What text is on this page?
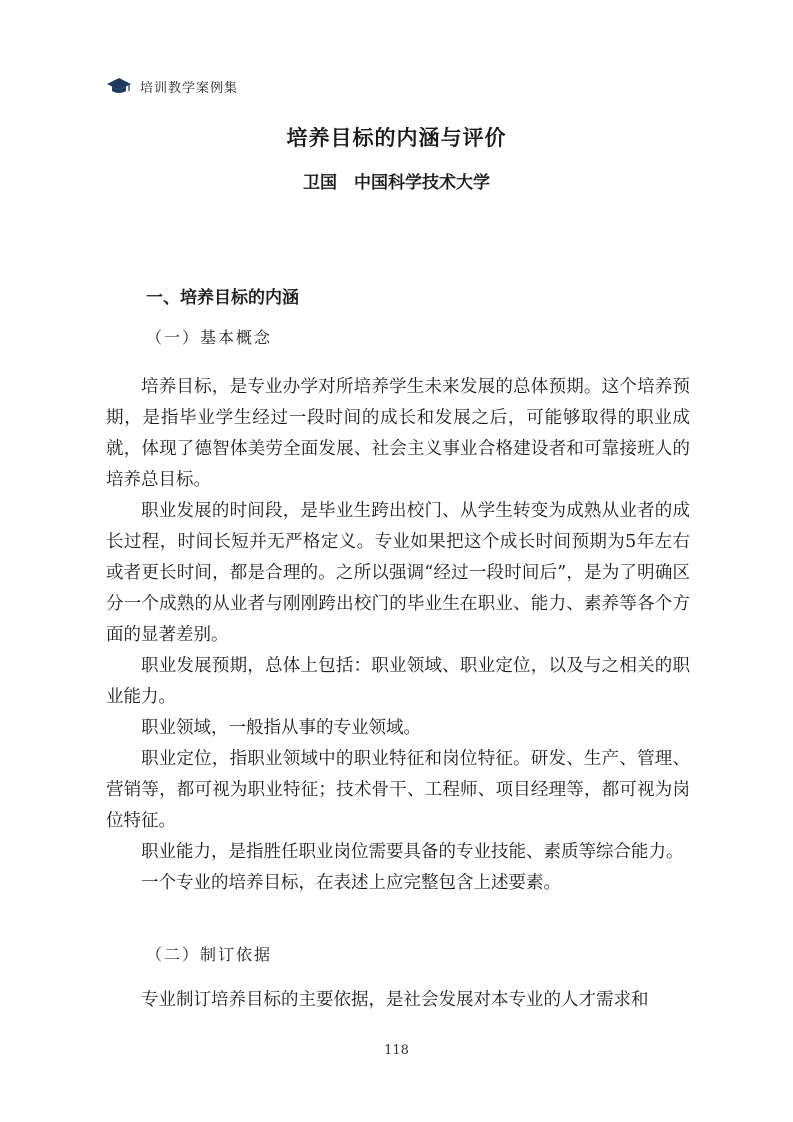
培训教学案例集
培养目标的内涵与评价
卫国　中国科学技术大学
一、培养目标的内涵
（一）基本概念

培养目标，是专业办学对所培养学生未来发展的总体预期。这个培养预期，是指毕业学生经过一段时间的成长和发展之后，可能够取得的职业成就，体现了德智体美劳全面发展、社会主义事业合格建设者和可靠接班人的培养总目标。

职业发展的时间段，是毕业生跨出校门、从学生转变为成熟从业者的成长过程，时间长短并无严格定义。专业如果把这个成长时间预期为5年左右或者更长时间，都是合理的。之所以强调“经过一段时间后”，是为了明确区分一个成熟的从业者与刚刚跨出校门的毕业生在职业、能力、素养等各个方面的显著差别。

职业发展预期，总体上包括：职业领域、职业定位，以及与之相关的职业能力。

职业领域，一般指从事的专业领域。

职业定位，指职业领域中的职业特征和岗位特征。研发、生产、管理、营销等，都可视为职业特征；技术骨干、工程师、项目经理等，都可视为岗位特征。

职业能力，是指胜任职业岗位需要具备的专业技能、素质等综合能力。

一个专业的培养目标，在表述上应完整包含上述要素。

（二）制订依据

专业制订培养目标的主要依据，是社会发展对本专业的人才需求和

118
